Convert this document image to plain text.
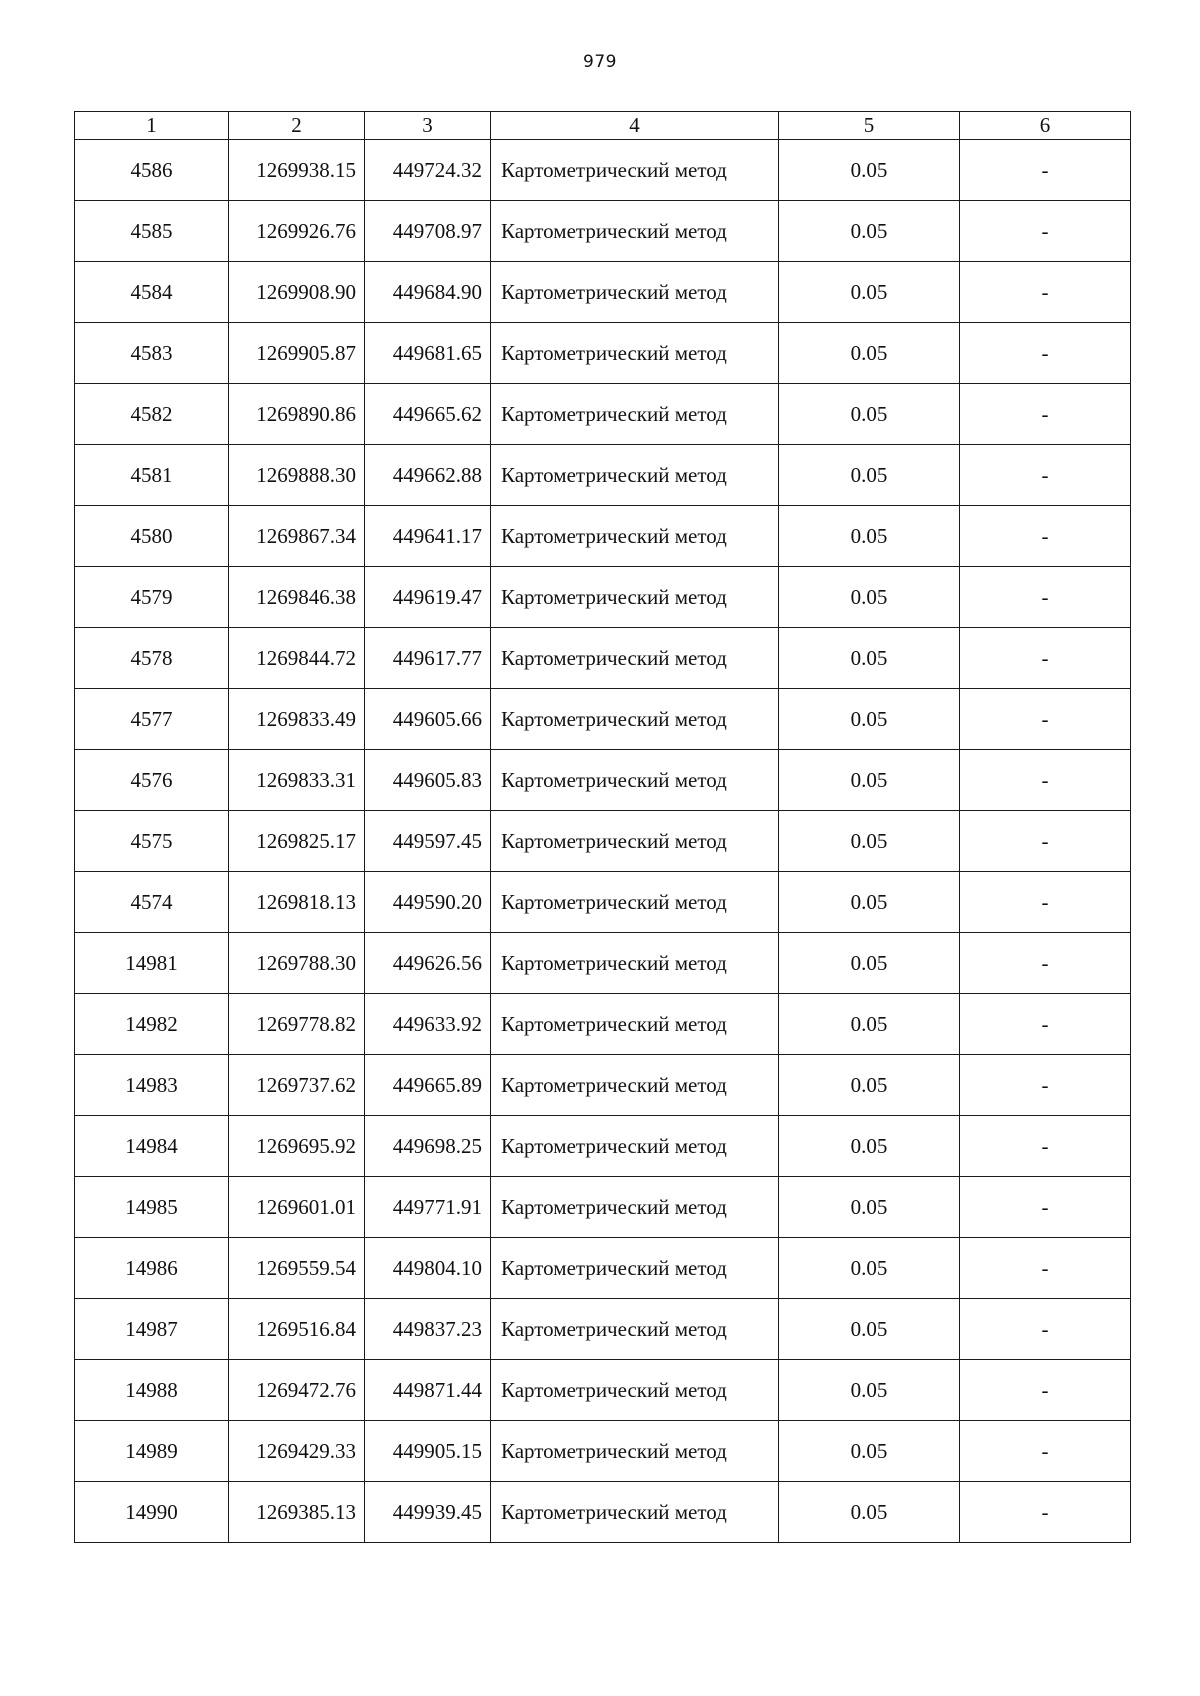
979
1	2	3	4	5	6
4586	1269938.15	449724.32	Картометрический метод	0.05	-
4585	1269926.76	449708.97	Картометрический метод	0.05	-
4584	1269908.90	449684.90	Картометрический метод	0.05	-
4583	1269905.87	449681.65	Картометрический метод	0.05	-
4582	1269890.86	449665.62	Картометрический метод	0.05	-
4581	1269888.30	449662.88	Картометрический метод	0.05	-
4580	1269867.34	449641.17	Картометрический метод	0.05	-
4579	1269846.38	449619.47	Картометрический метод	0.05	-
4578	1269844.72	449617.77	Картометрический метод	0.05	-
4577	1269833.49	449605.66	Картометрический метод	0.05	-
4576	1269833.31	449605.83	Картометрический метод	0.05	-
4575	1269825.17	449597.45	Картометрический метод	0.05	-
4574	1269818.13	449590.20	Картометрический метод	0.05	-
14981	1269788.30	449626.56	Картометрический метод	0.05	-
14982	1269778.82	449633.92	Картометрический метод	0.05	-
14983	1269737.62	449665.89	Картометрический метод	0.05	-
14984	1269695.92	449698.25	Картометрический метод	0.05	-
14985	1269601.01	449771.91	Картометрический метод	0.05	-
14986	1269559.54	449804.10	Картометрический метод	0.05	-
14987	1269516.84	449837.23	Картометрический метод	0.05	-
14988	1269472.76	449871.44	Картометрический метод	0.05	-
14989	1269429.33	449905.15	Картометрический метод	0.05	-
14990	1269385.13	449939.45	Картометрический метод	0.05	-
